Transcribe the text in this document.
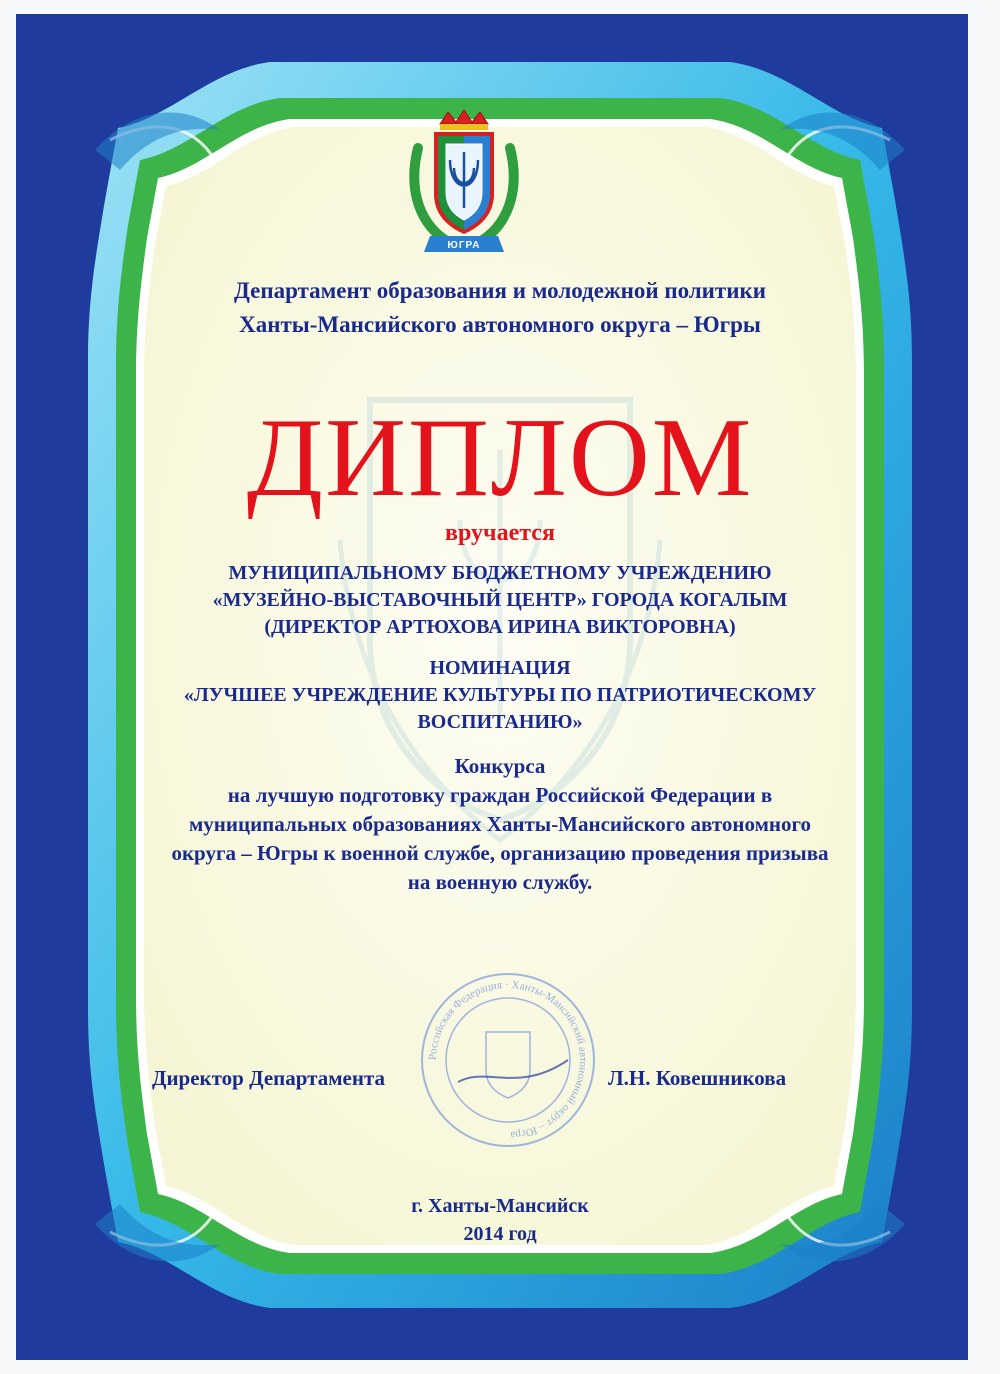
ЮГРА
Департамент образования и молодежной политики
Ханты-Мансийского автономного округа – Югры
ДИПЛОМ
вручается
МУНИЦИПАЛЬНОМУ БЮДЖЕТНОМУ УЧРЕЖДЕНИЮ
«МУЗЕЙНО-ВЫСТАВОЧНЫЙ ЦЕНТР» ГОРОДА КОГАЛЫМ
(ДИРЕКТОР АРТЮХОВА ИРИНА ВИКТОРОВНА)
НОМИНАЦИЯ
«ЛУЧШЕЕ УЧРЕЖДЕНИЕ КУЛЬТУРЫ ПО ПАТРИОТИЧЕСКОМУ
ВОСПИТАНИЮ»
Конкурса
на лучшую подготовку граждан Российской Федерации в
муниципальных образованиях Ханты-Мансийского автономного
округа – Югры к военной службе, организацию проведения призыва
на военную службу.
Российская Федерация · Ханты-Мансийский автономный округ – Югра
Директор Департамента	Л.Н. Ковешникова
г. Ханты-Мансийск
2014 год
